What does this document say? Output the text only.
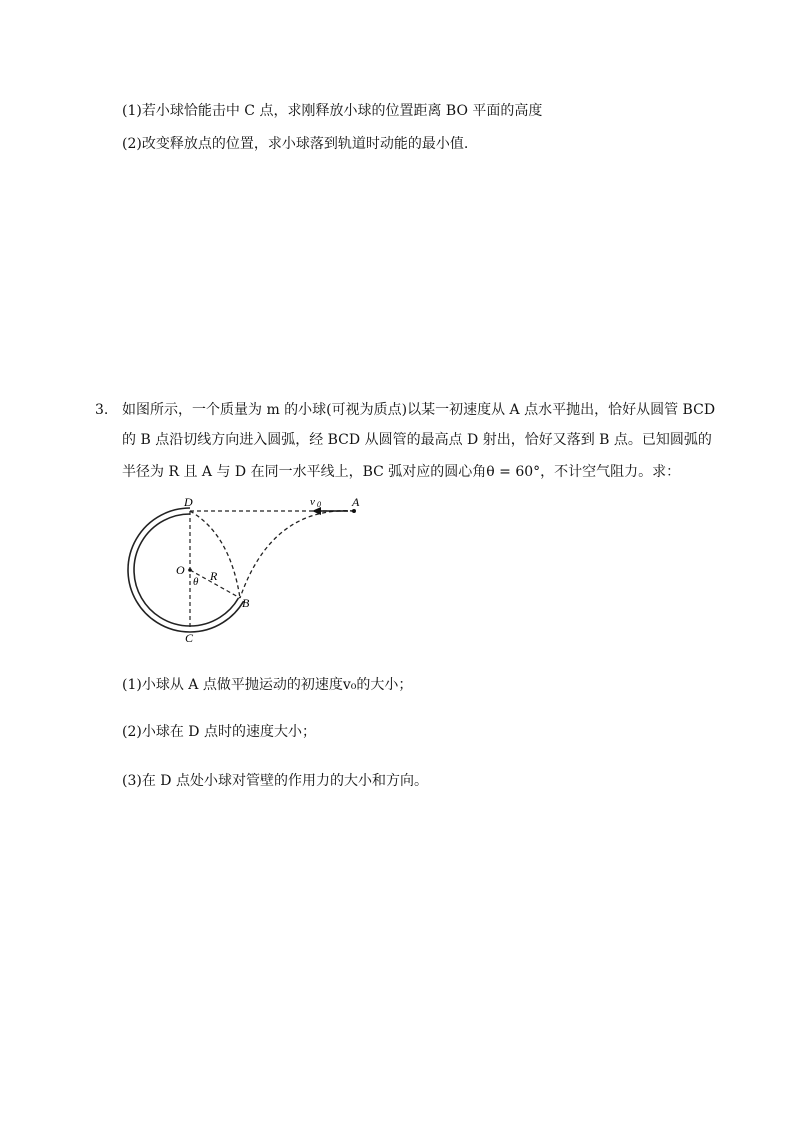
(1)若小球恰能击中 C 点，求刚释放小球的位置距离 BO 平面的高度
(2)改变释放点的位置，求小球落到轨道时动能的最小值.
3. 如图所示，一个质量为 m 的小球(可视为质点)以某一初速度从 A 点水平抛出，恰好从圆管 BCD
的 B 点沿切线方向进入圆弧，经 BCD 从圆管的最高点 D 射出，恰好又落到 B 点。已知圆弧的
半径为 R 且 A 与 D 在同一水平线上，BC 弧对应的圆心角θ = 60°，不计空气阻力。求：
D	A
v 0
O R
θ
B
C
(1)小球从 A 点做平抛运动的初速度v₀的大小；
(2)小球在 D 点时的速度大小；
(3)在 D 点处小球对管壁的作用力的大小和方向。
